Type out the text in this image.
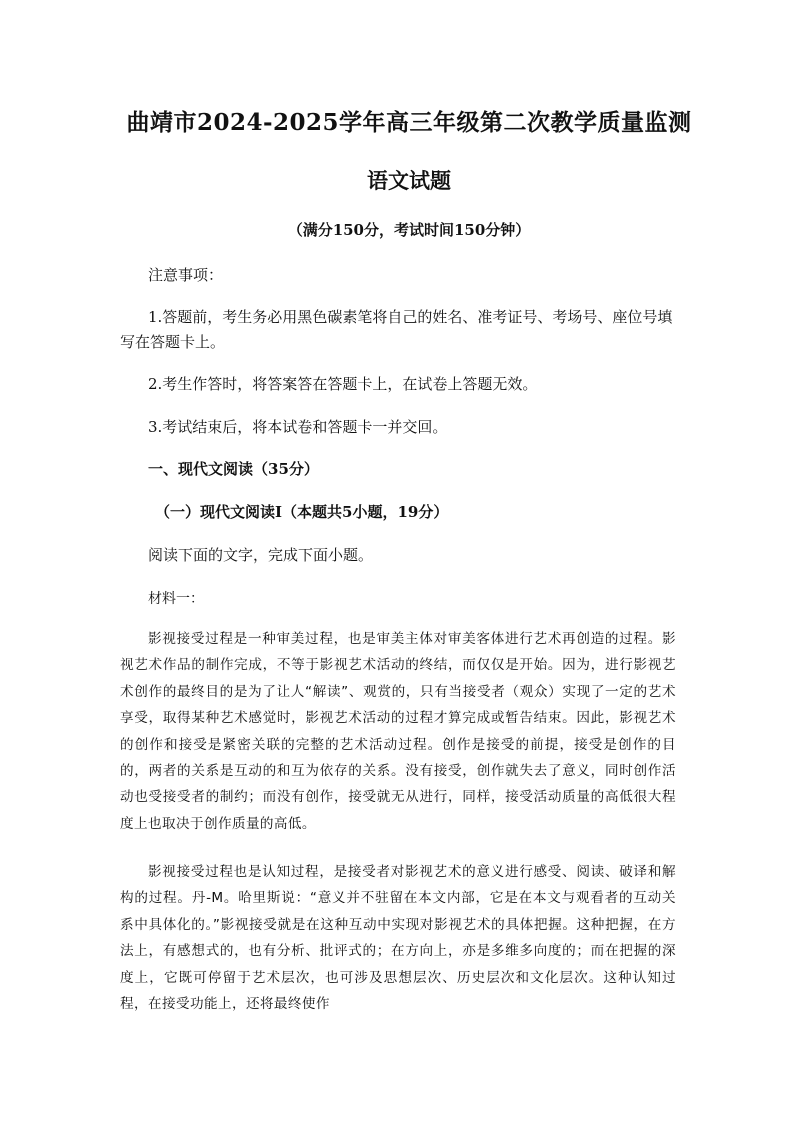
曲靖市2024-2025学年高三年级第二次教学质量监测
语文试题
（满分150分，考试时间150分钟）
注意事项：
1.答题前，考生务必用黑色碳素笔将自己的姓名、准考证号、考场号、座位号填写在答题卡上。
2.考生作答时，将答案答在答题卡上，在试卷上答题无效。
3.考试结束后，将本试卷和答题卡一并交回。
一、现代文阅读（35分）
（一）现代文阅读Ⅰ（本题共5小题，19分）
阅读下面的文字，完成下面小题。
材料一：
影视接受过程是一种审美过程，也是审美主体对审美客体进行艺术再创造的过程。影视艺术作品的制作完成，不等于影视艺术活动的终结，而仅仅是开始。因为，进行影视艺术创作的最终目的是为了让人“解读”、观赏的，只有当接受者（观众）实现了一定的艺术享受，取得某种艺术感觉时，影视艺术活动的过程才算完成或暂告结束。因此，影视艺术的创作和接受是紧密关联的完整的艺术活动过程。创作是接受的前提，接受是创作的目的，两者的关系是互动的和互为依存的关系。没有接受，创作就失去了意义，同时创作活动也受接受者的制约；而没有创作，接受就无从进行，同样，接受活动质量的高低很大程度上也取决于创作质量的高低。
影视接受过程也是认知过程，是接受者对影视艺术的意义进行感受、阅读、破译和解构的过程。丹-M。哈里斯说：“意义并不驻留在本文内部，它是在本文与观看者的互动关系中具体化的。”影视接受就是在这种互动中实现对影视艺术的具体把握。这种把握，在方法上，有感想式的，也有分析、批评式的；在方向上，亦是多维多向度的；而在把握的深度上，它既可停留于艺术层次，也可涉及思想层次、历史层次和文化层次。这种认知过程，在接受功能上，还将最终使作
